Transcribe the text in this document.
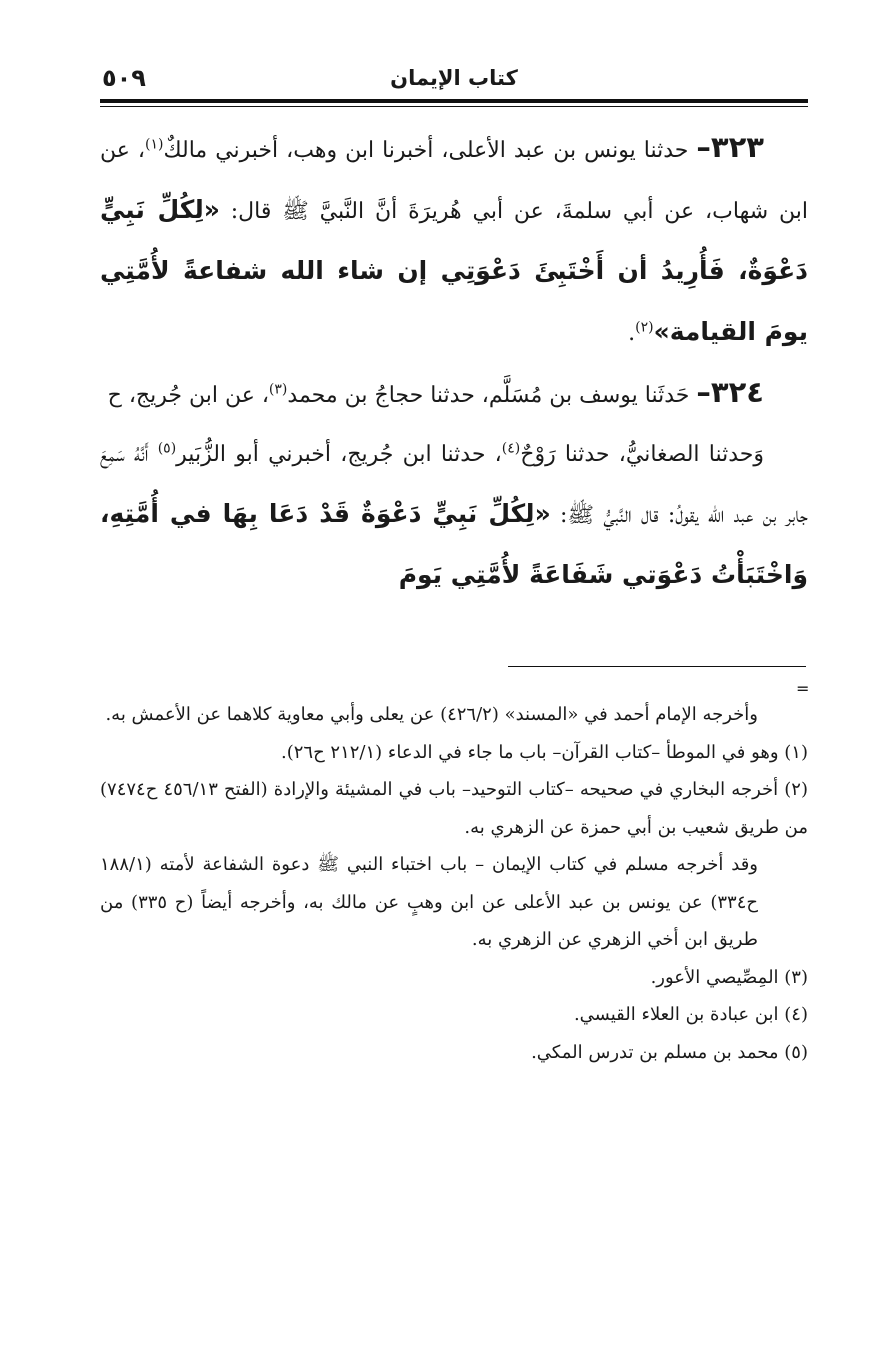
٥٠٩	كتاب الإيمان

٣٢٣– حدثنا يونس بن عبد الأعلى، أخبرنا ابن وهب، أخبرني مالكٌ$^{(١)}$، عن ابن شهاب، عن أبي سلمةَ، عن أبي هُريرَةَ أنَّ النَّبيَّ ﷺ قال: «لِكُلِّ نَبِيٍّ دَعْوَةٌ، فَأُرِيدُ أن أَخْتَبِئَ دَعْوَتِي إن شاء الله شفاعةً لأُمَّتِي يومَ القيامة»$^{(٢)}$.

٣٢٤– حَدثَنا يوسف بن مُسَلَّم، حدثنا حجاجُ بن محمد$^{(٣)}$، عن ابن جُريج، ح

وَحدثنا الصغانيُّ، حدثنا رَوْحٌ$^{(٤)}$، حدثنا ابن جُريج، أخبرني أبو الزُّبَير$^{(٥)}$ أَنَّهُ سَمِعَ جابر بن عبد الله يقولُ: قال النَّبيُّ ﷺ: «لِكُلِّ نَبِيٍّ دَعْوَةٌ قَدْ دَعَا بِهَا في أُمَّتِهِ، وَاخْتَبَأْتُ دَعْوَتي شَفَاعَةً لأُمَّتِي يَومَ

=

وأخرجه الإمام أحمد في «المسند» (٤٢٦/٢) عن يعلى وأبي معاوية كلاهما عن الأعمش به.

(١) وهو في الموطأ –كتاب القرآن– باب ما جاء في الدعاء (٢١٢/١ ح٢٦).

(٢) أخرجه البخاري في صحيحه –كتاب التوحيد– باب في المشيئة والإرادة (الفتح ٤٥٦/١٣ ح٧٤٧٤) من طريق شعيب بن أبي حمزة عن الزهري به.

وقد أخرجه مسلم في كتاب الإيمان – باب اختباء النبي ﷺ دعوة الشفاعة لأمته (١٨٨/١ ح٣٣٤) عن يونس بن عبد الأعلى عن ابن وهبٍ عن مالك به، وأخرجه أيضاً (ح ٣٣٥) من طريق ابن أخي الزهري عن الزهري به.

(٣) المِصِّيصي الأعور.

(٤) ابن عبادة بن العلاء القيسي.

(٥) محمد بن مسلم بن تدرس المكي.
